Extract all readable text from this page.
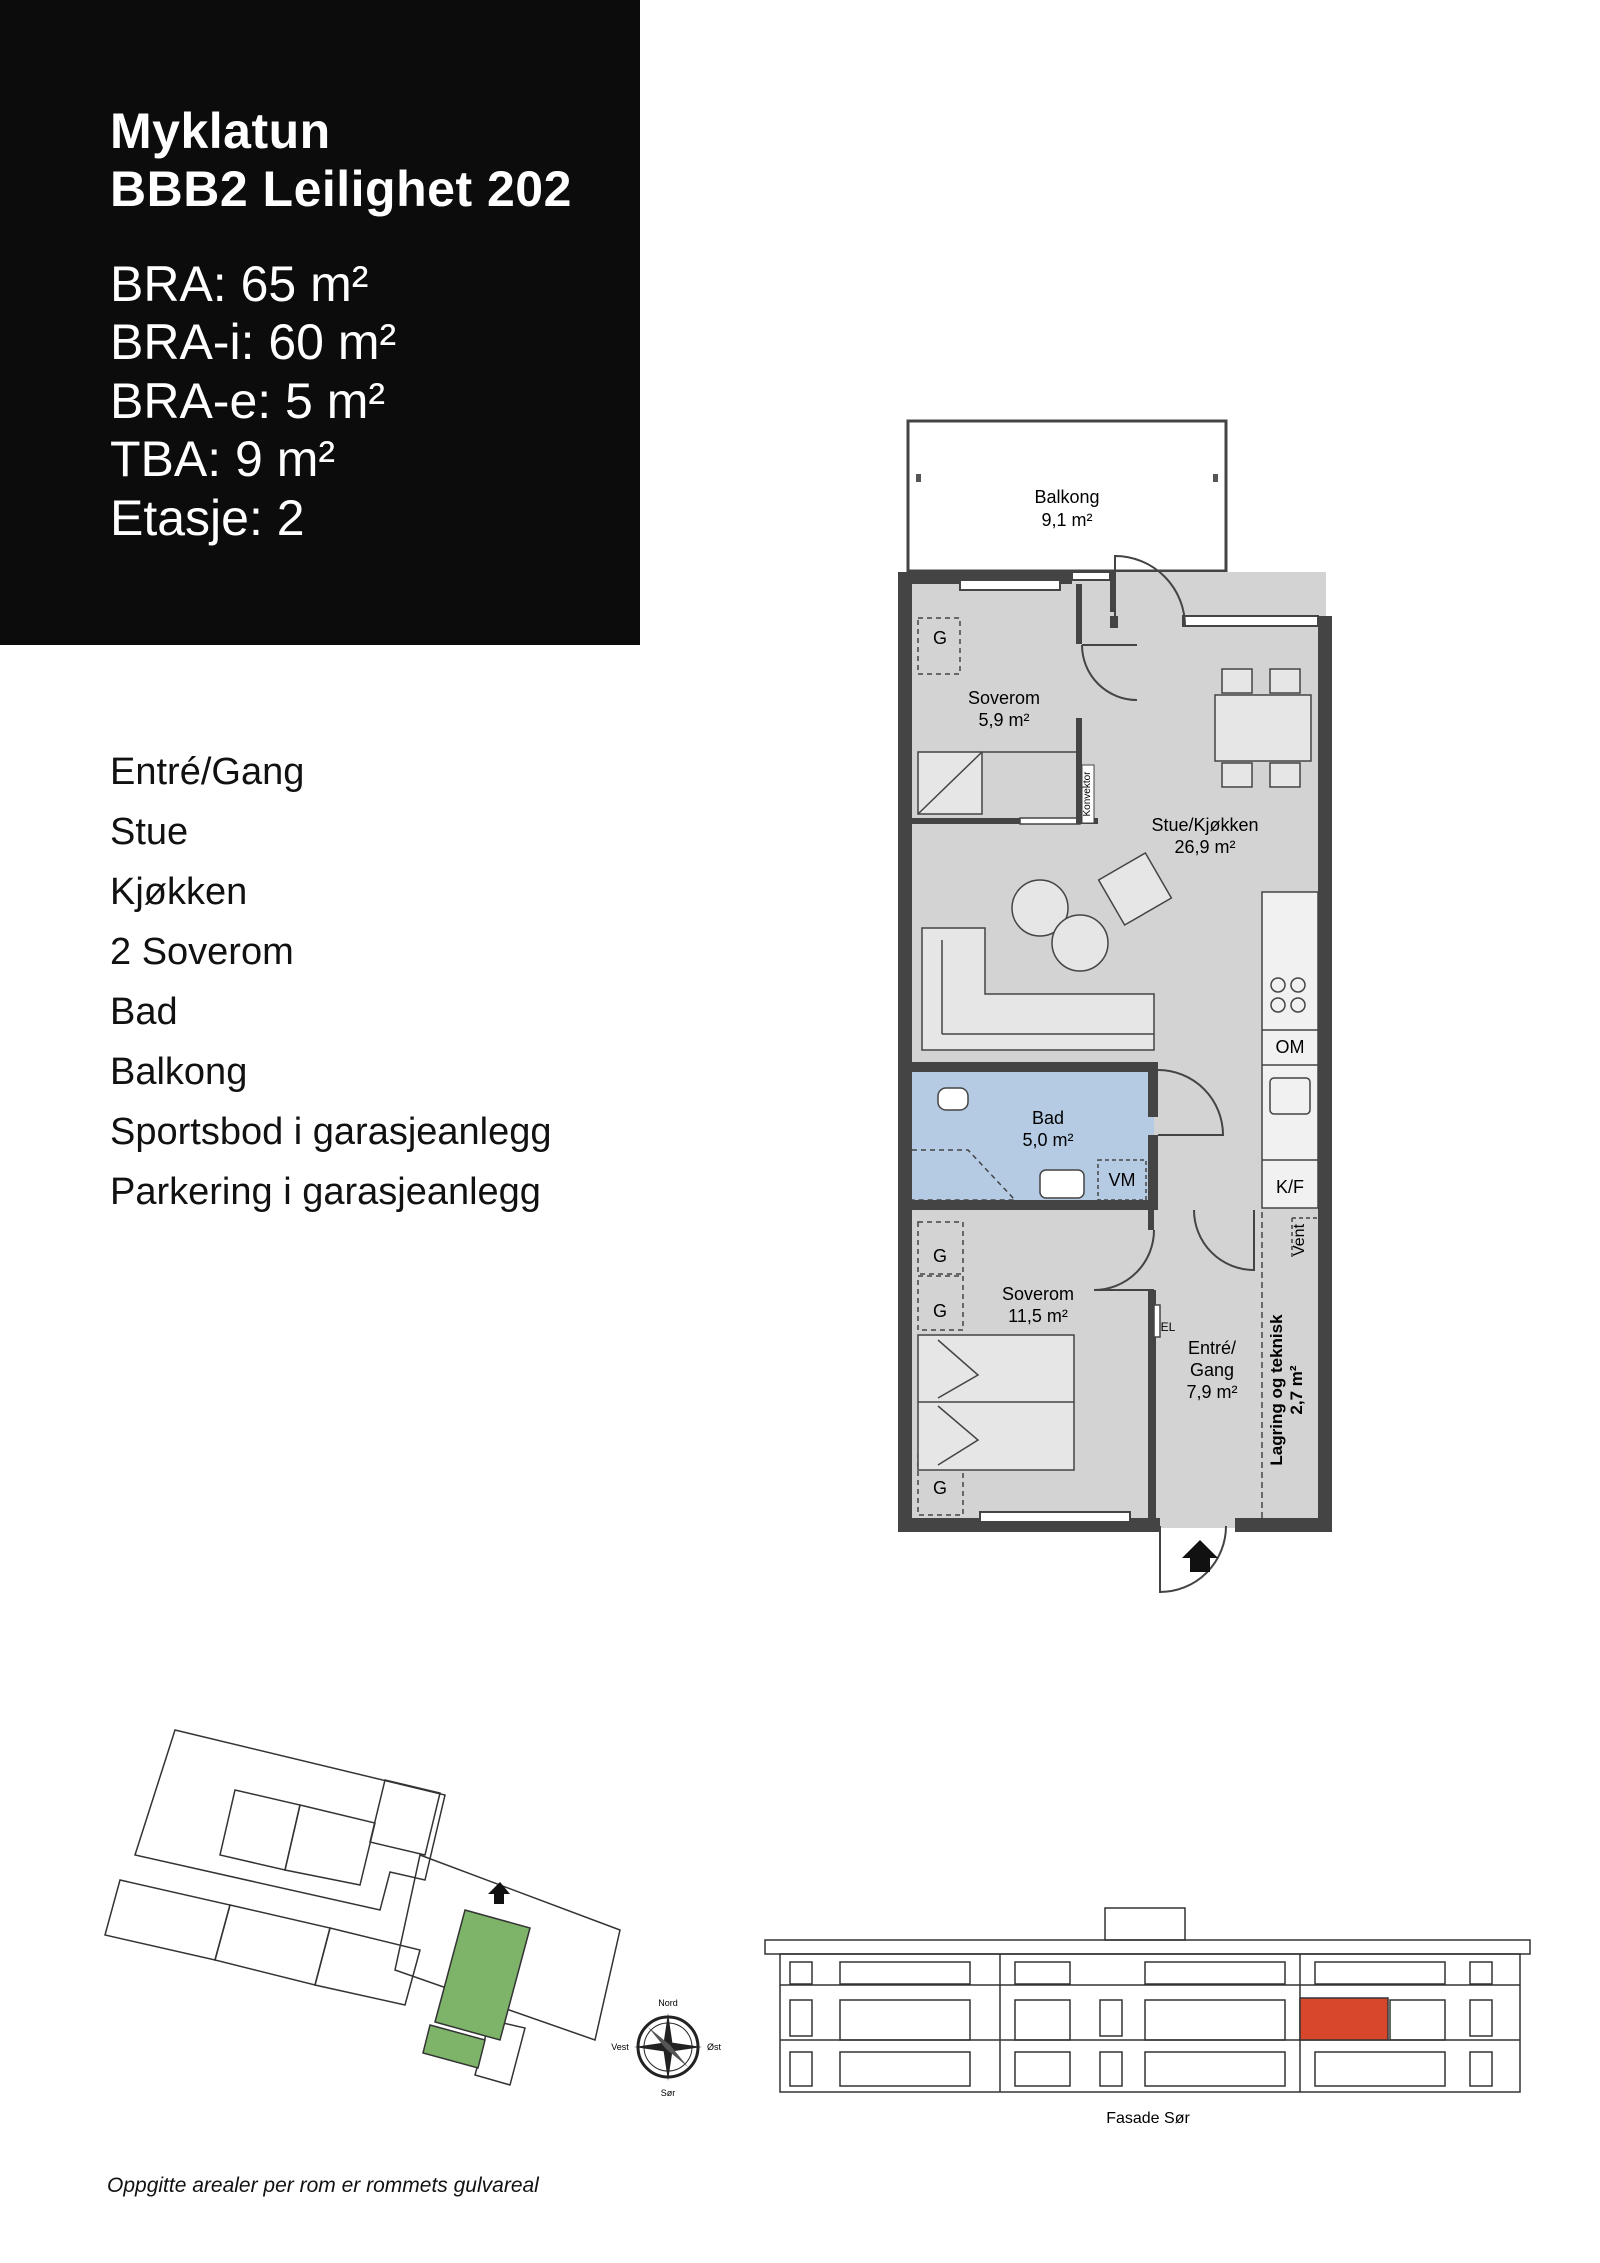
Myklatun
BBB2 Leilighet 202
BRA: 65 m²
BRA-i: 60 m²
BRA-e: 5 m²
TBA: 9 m²
Etasje: 2
Entré/Gang
Stue
Kjøkken
2 Soverom
Bad
Balkong
Sportsbod i garasjeanlegg
Parkering i garasjeanlegg
Konvektor
OM
K/F
VM
Balkong
9,1 m²
Soverom
5,9 m²
Stue/Kjøkken
26,9 m²
Bad
5,0 m²
Soverom
11,5 m²
Entré/
Gang
7,9 m² Lagring og teknisk 2,7 m²
Vent
EL
G
G
G
G
Nord
Øst
Sør
Vest
Fasade Sør
Oppgitte arealer per rom er rommets gulvareal
